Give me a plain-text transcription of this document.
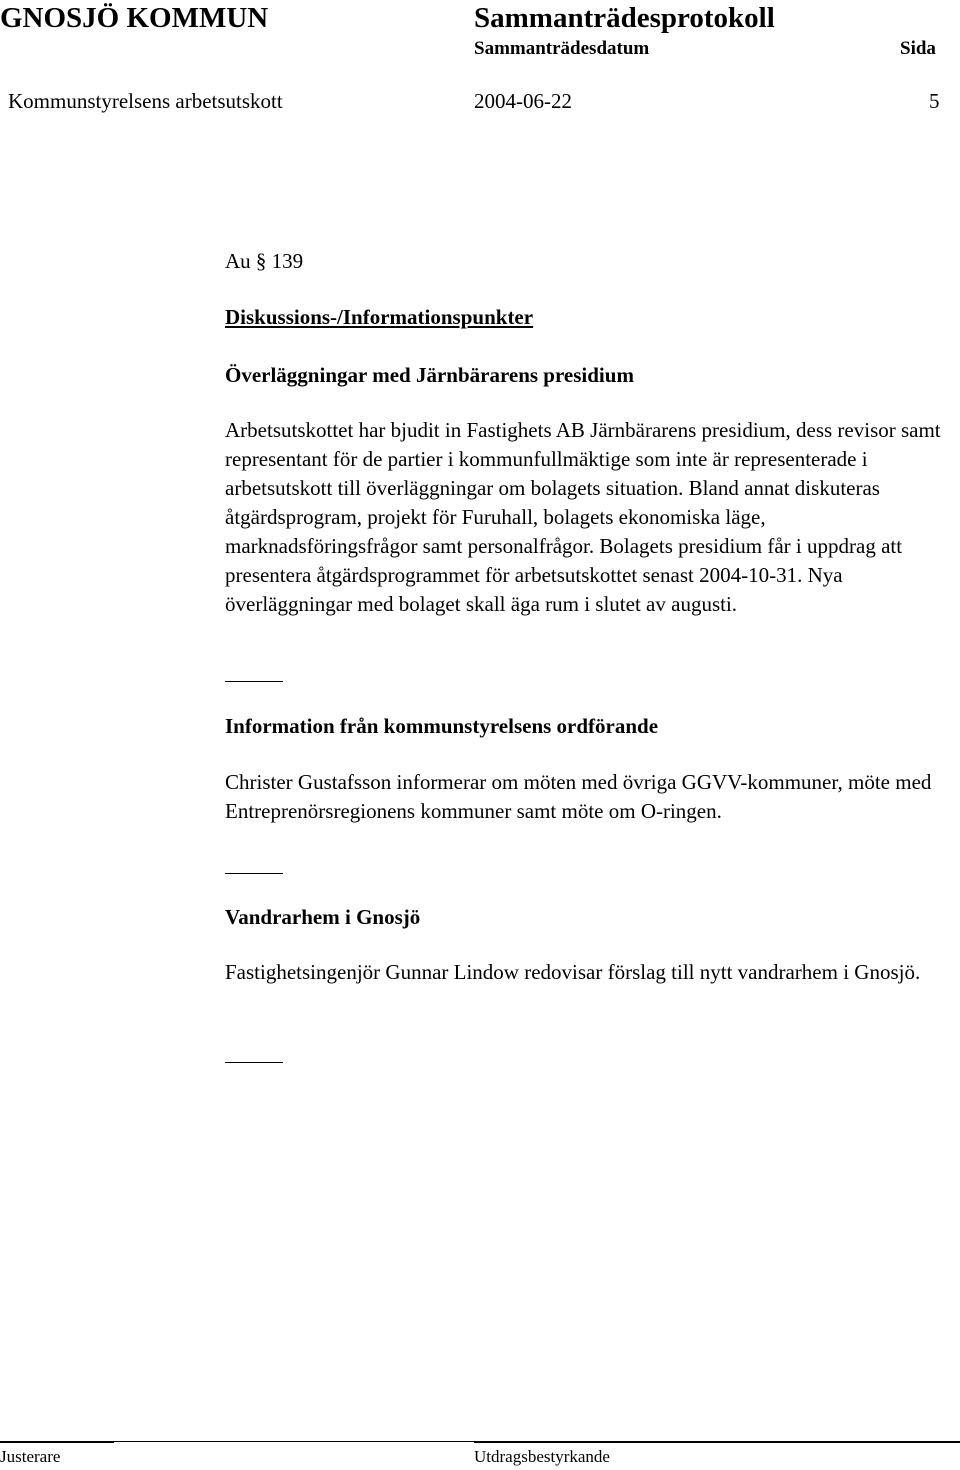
GNOSJÖ KOMMUN	Sammanträdesprotokoll
Sammanträdesdatum	Sida
Kommunstyrelsens arbetsutskott	2004-06-22	5
Au § 139
Diskussions-/Informationspunkter
Överläggningar med Järnbärarens presidium
Arbetsutskottet har bjudit in Fastighets AB Järnbärarens presidium, dess revisor samt representant för de partier i kommunfullmäktige som inte är representerade i arbetsutskott till överläggningar om bolagets situation. Bland annat diskuteras åtgärdsprogram, projekt för Furuhall, bolagets ekonomiska läge, marknadsföringsfrågor samt personalfrågor. Bolagets presidium får i uppdrag att presentera åtgärdsprogrammet för arbetsutskottet senast 2004-10-31. Nya överläggningar med bolaget skall äga rum i slutet av augusti.
Information från kommunstyrelsens ordförande
Christer Gustafsson informerar om möten med övriga GGVV-kommuner, möte med Entreprenörsregionens kommuner samt möte om O-ringen.
Vandrarhem i Gnosjö
Fastighetsingenjör Gunnar Lindow redovisar förslag till nytt vandrarhem i Gnosjö.
Justerare	Utdragsbestyrkande
